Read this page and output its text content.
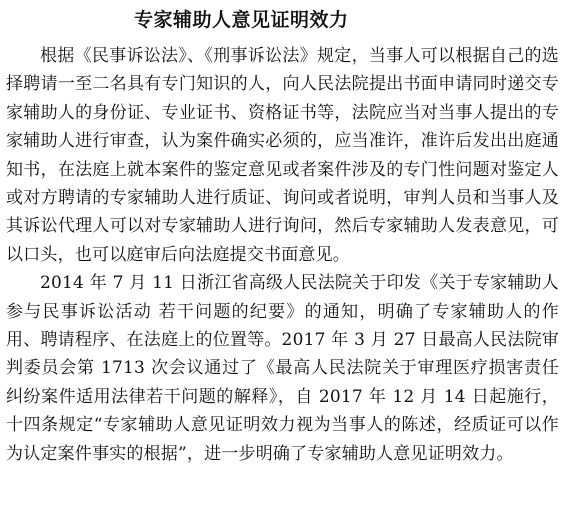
专家辅助人意见证明效力

根据《民事诉讼法》、《刑事诉讼法》规定，当事人可以根据自己的选择聘请一至二名具有专门知识的人，向人民法院提出书面申请同时递交专家辅助人的身份证、专业证书、资格证书等，法院应当对当事人提出的专家辅助人进行审查，认为案件确实必须的，应当准许，准许后发出出庭通知书，在法庭上就本案件的鉴定意见或者案件涉及的专门性问题对鉴定人或对方聘请的专家辅助人进行质证、询问或者说明，审判人员和当事人及其诉讼代理人可以对专家辅助人进行询问，然后专家辅助人发表意见，可以口头，也可以庭审后向法庭提交书面意见。

2014 年 7 月 11 日浙江省高级人民法院关于印发《关于专家辅助人参与民事诉讼活动 若干问题的纪要》的通知，明确了专家辅助人的作用、聘请程序、在法庭上的位置等。2017 年 3 月 27 日最高人民法院审判委员会第 1713 次会议通过了《最高人民法院关于审理医疗损害责任纠纷案件适用法律若干问题的解释》，自 2017 年 12 月 14 日起施行，十四条规定“专家辅助人意见证明效力视为当事人的陈述，经质证可以作为认定案件事实的根据”，进一步明确了专家辅助人意见证明效力。
